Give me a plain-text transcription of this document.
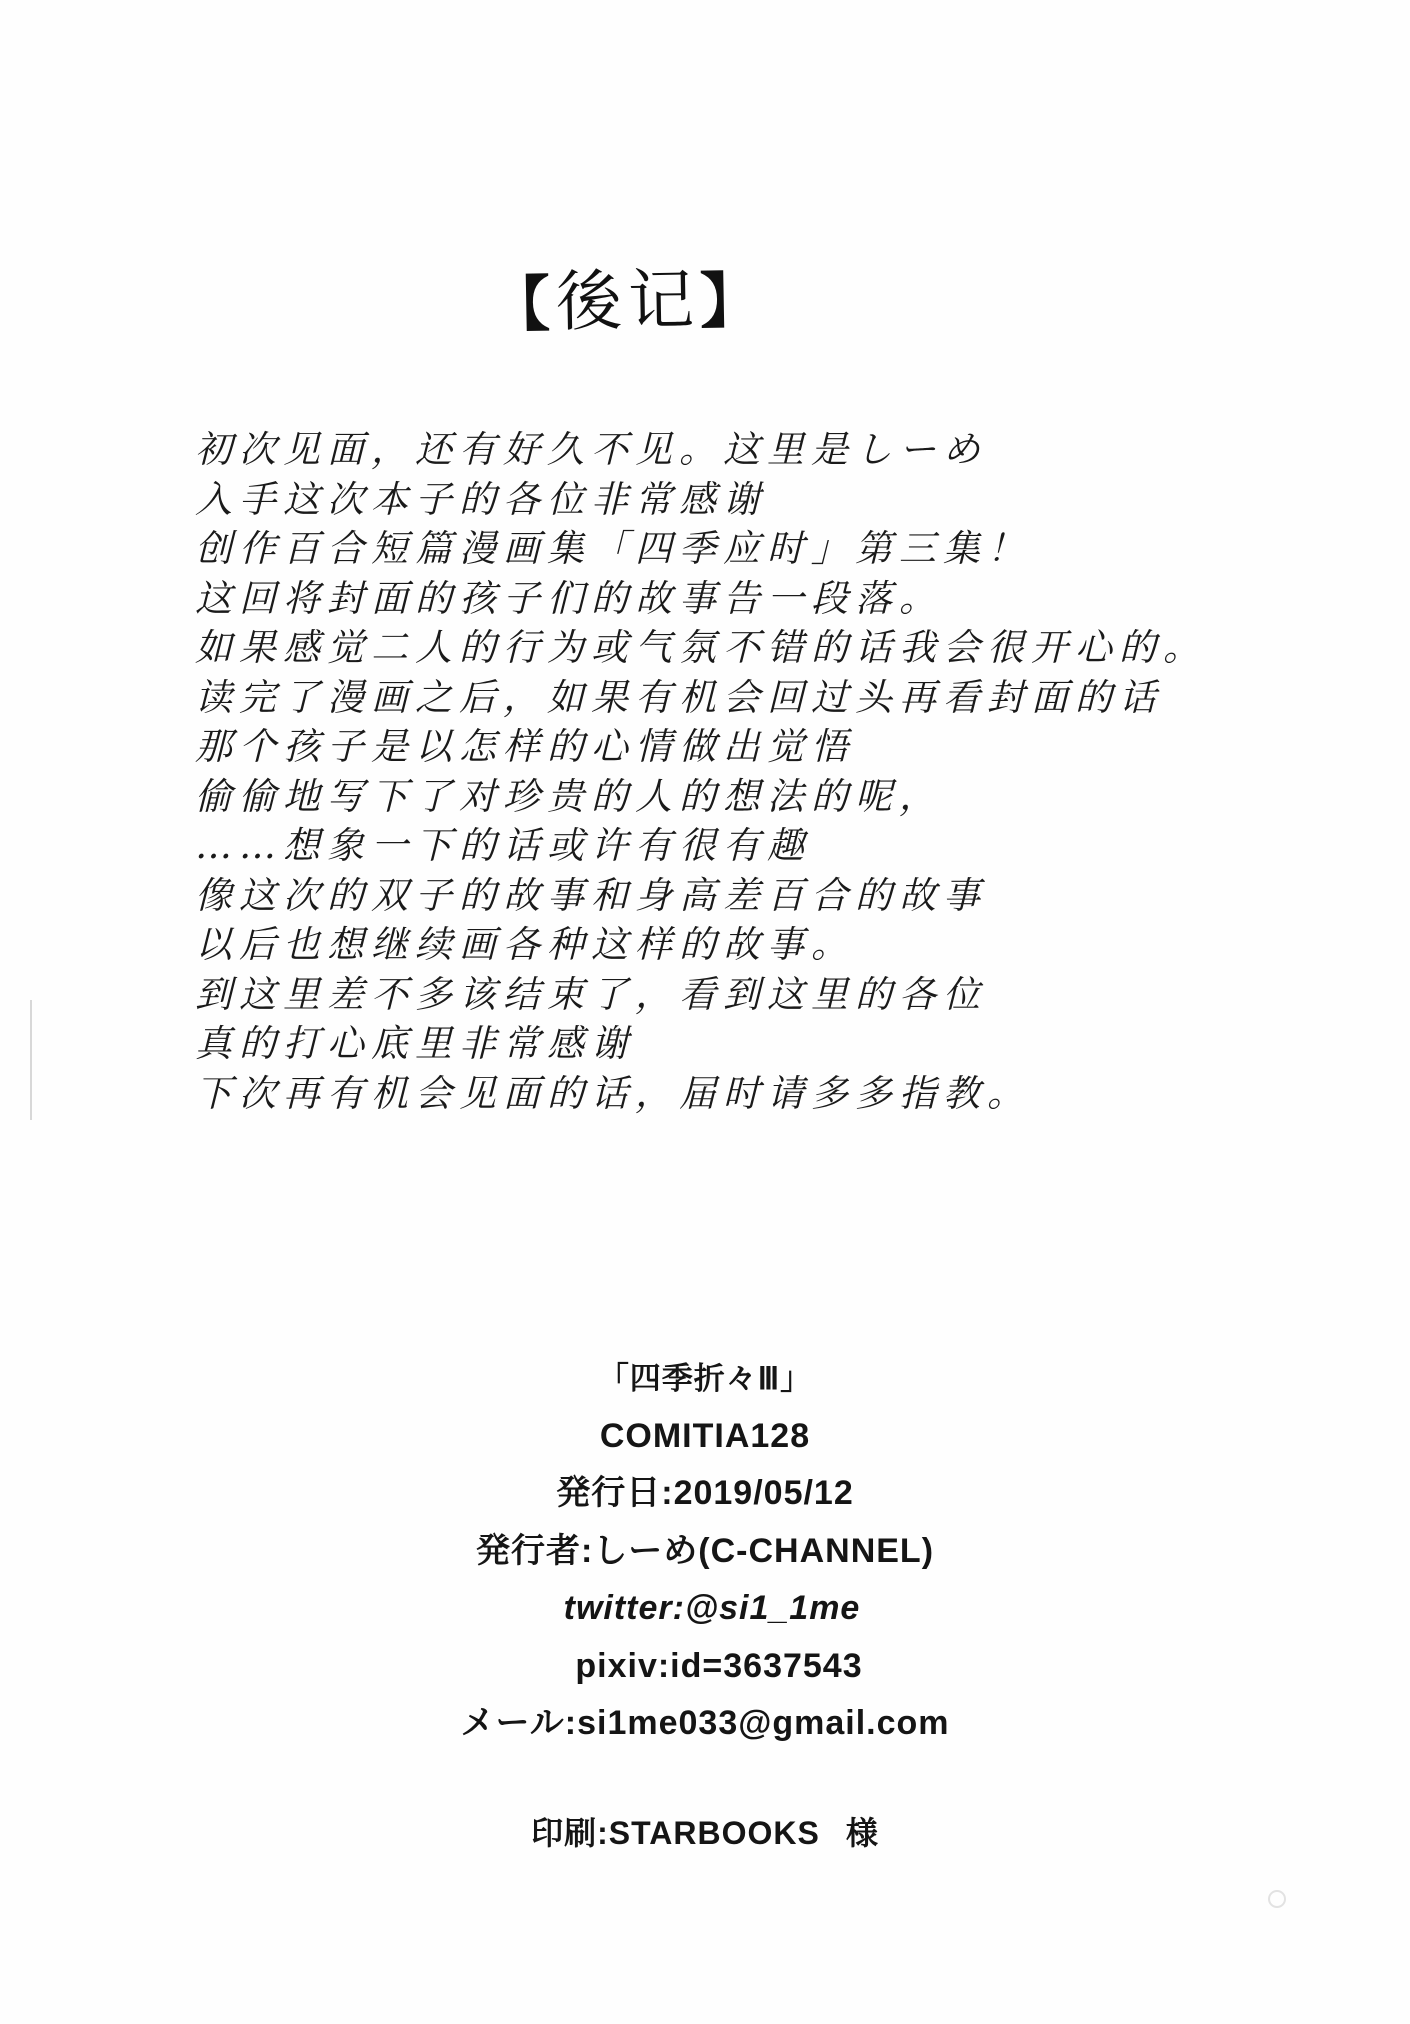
【後记】
初次见面，还有好久不见。这里是しーめ
入手这次本子的各位非常感谢
创作百合短篇漫画集「四季应时」第三集！
这回将封面的孩子们的故事告一段落。
如果感觉二人的行为或气氛不错的话我会很开心的。
读完了漫画之后，如果有机会回过头再看封面的话
那个孩子是以怎样的心情做出觉悟
偷偷地写下了对珍贵的人的想法的呢，
……想象一下的话或许有很有趣
像这次的双子的故事和身高差百合的故事
以后也想继续画各种这样的故事。
到这里差不多该结束了，看到这里的各位
真的打心底里非常感谢
下次再有机会见面的话，届时请多多指教。
「四季折々Ⅲ」
COMITIA128
発行日:2019/05/12
発行者:しーめ(C-CHANNEL)
twitter:@si1_1me
pixiv:id=3637543
メール:si1me033@gmail.com
印刷:STARBOOKS 様
